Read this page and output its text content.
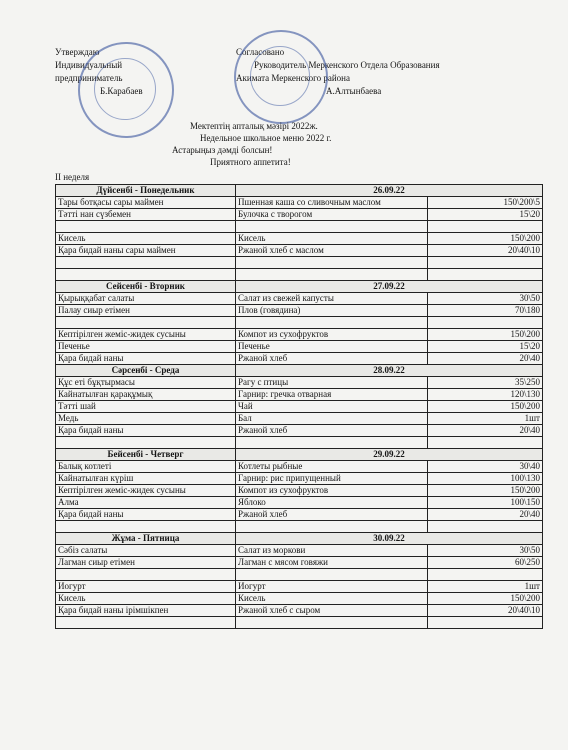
Утверждаю
Индивидуальный
предприниматель
Б.Карабаев
Согласовано
Руководитель Меркенского Отдела Образования
Акимата Меркенского района
А.Алтынбаева
Мектептің апталық мәзірі 2022ж.
Недельное школьное меню 2022 г.
Астарыңыз дәмді болсын!
Приятного аппетита!
II неделя
Дүйсенбі - Понедельник	26.09.22	
Тары ботқасы сары маймен	Пшенная каша со сливочным маслом	150\200\5
Тәтті нан сүзбемен	Булочка с творогом	15\20

Кисель	Кисель	150\200
Қара бидай наны сары маймен	Ржаной хлеб с маслом	20\40\10

Сейсенбі - Вторник	27.09.22	
Қырыққабат салаты	Салат из свежей капусты	30\50
Палау сиыр етімен	Плов (говядина)	70\180

Кептірілген жеміс-жидек сусыны	Компот из сухофруктов	150\200
Печенье	Печенье	15\20
Қара бидай наны	Ржаной хлеб	20\40
Сәрсенбі - Среда	28.09.22	
Құс еті бұқтырмасы	Рагу с птицы	35\250
Кайнатылған қарақұмық	Гарнир: гречка отварная	120\130
Тәтті шай	Чай	150\200
Медь	Бал	1шт
Қара бидай наны	Ржаной хлеб	20\40

Бейсенбі - Четверг	29.09.22	
Балық котлеті	Котлеты рыбные	30\40
Кайнатылған күріш	Гарнир: рис припущенный	100\130
Кептірілген жеміс-жидек сусыны	Компот из сухофруктов	150\200
Алма	Яблоко	100\150
Қара бидай наны	Ржаной хлеб	20\40

Жұма - Пятница	30.09.22	
Сәбіз салаты	Салат из моркови	30\50
Лагман сиыр етімен	Лагман с мясом говяжи	60\250

Иогурт	Иогурт	1шт
Кисель	Кисель	150\200
Қара бидай наны ірімшікпен	Ржаной хлеб с сыром	20\40\10
